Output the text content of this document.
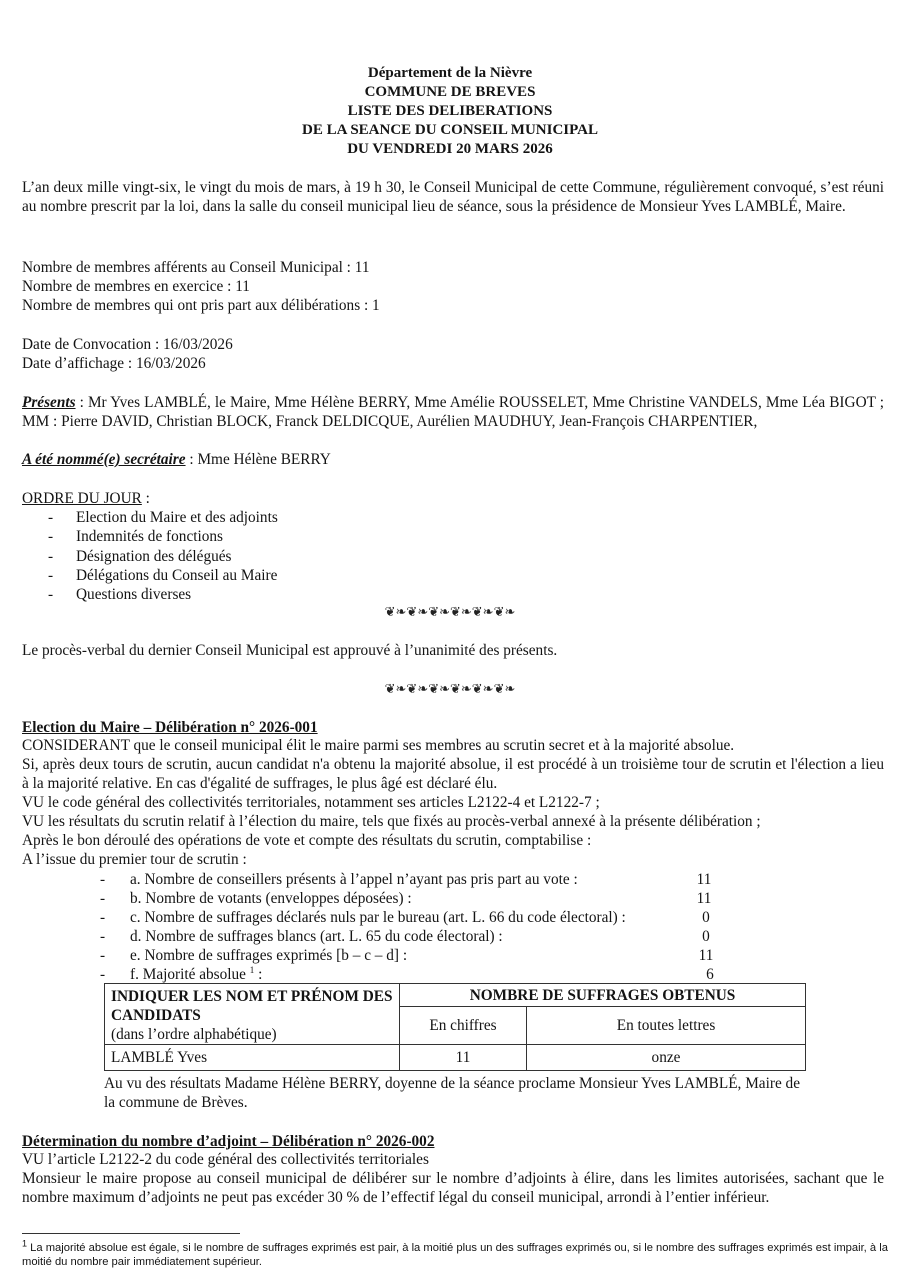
Département de la Nièvre
COMMUNE DE BREVES
LISTE DES DELIBERATIONS
DE LA SEANCE DU CONSEIL MUNICIPAL
DU VENDREDI 20 MARS 2026
L’an deux mille vingt-six, le vingt du mois de mars, à 19 h 30, le Conseil Municipal de cette Commune, régulièrement convoqué, s’est réuni au nombre prescrit par la loi, dans la salle du conseil municipal lieu de séance, sous la présidence de Monsieur Yves LAMBLÉ, Maire.
Nombre de membres afférents au Conseil Municipal : 11
Nombre de membres en exercice : 11
Nombre de membres qui ont pris part aux délibérations : 1
Date de Convocation : 16/03/2026
Date d’affichage : 16/03/2026
Présents : Mr Yves LAMBLÉ, le Maire, Mme Hélène BERRY, Mme Amélie ROUSSELET, Mme Christine VANDELS, Mme Léa BIGOT ; MM : Pierre DAVID, Christian BLOCK, Franck DELDICQUE, Aurélien MAUDHUY, Jean-François CHARPENTIER,
A été nommé(e) secrétaire : Mme Hélène BERRY
ORDRE DU JOUR :
- Election du Maire et des adjoints
- Indemnités de fonctions
- Désignation des délégués
- Délégations du Conseil au Maire
- Questions diverses
❦❧❦❧❦❧❦❧❦❧❦❧
Le procès-verbal du dernier Conseil Municipal est approuvé à l’unanimité des présents.
❦❧❦❧❦❧❦❧❦❧❦❧
Election du Maire – Délibération n° 2026-001
CONSIDERANT que le conseil municipal élit le maire parmi ses membres au scrutin secret et à la majorité absolue.
Si, après deux tours de scrutin, aucun candidat n'a obtenu la majorité absolue, il est procédé à un troisième tour de scrutin et l'élection a lieu à la majorité relative. En cas d'égalité de suffrages, le plus âgé est déclaré élu.
VU le code général des collectivités territoriales, notamment ses articles L2122-4 et L2122-7 ;
VU les résultats du scrutin relatif à l’élection du maire, tels que fixés au procès-verbal annexé à la présente délibération ;
Après le bon déroulé des opérations de vote et compte des résultats du scrutin, comptabilise :
A l’issue du premier tour de scrutin :
- a. Nombre de conseillers présents à l’appel n’ayant pas pris part au vote :	11
- b. Nombre de votants (enveloppes déposées) :	11
- c. Nombre de suffrages déclarés nuls par le bureau (art. L. 66 du code électoral) :	0
- d. Nombre de suffrages blancs (art. L. 65 du code électoral) :	0
- e. Nombre de suffrages exprimés [b – c – d] :	11
- f. Majorité absolue $^1$ :	6
INDIQUER LES NOM ET PRÉNOM DES CANDIDATS
(dans l’ordre alphabétique)	NOMBRE DE SUFFRAGES OBTENUS	
	En chiffres	En toutes lettres
LAMBLÉ Yves	11	onze
Au vu des résultats Madame Hélène BERRY, doyenne de la séance proclame Monsieur Yves LAMBLÉ, Maire de la commune de Brèves.
Détermination du nombre d’adjoint – Délibération n° 2026-002
VU l’article L2122-2 du code général des collectivités territoriales
Monsieur le maire propose au conseil municipal de délibérer sur le nombre d’adjoints à élire, dans les limites autorisées, sachant que le nombre maximum d’adjoints ne peut pas excéder 30 % de l’effectif légal du conseil municipal, arrondi à l’entier inférieur.
$^1$ La majorité absolue est égale, si le nombre de suffrages exprimés est pair, à la moitié plus un des suffrages exprimés ou, si le nombre des suffrages exprimés est impair, à la moitié du nombre pair immédiatement supérieur.
